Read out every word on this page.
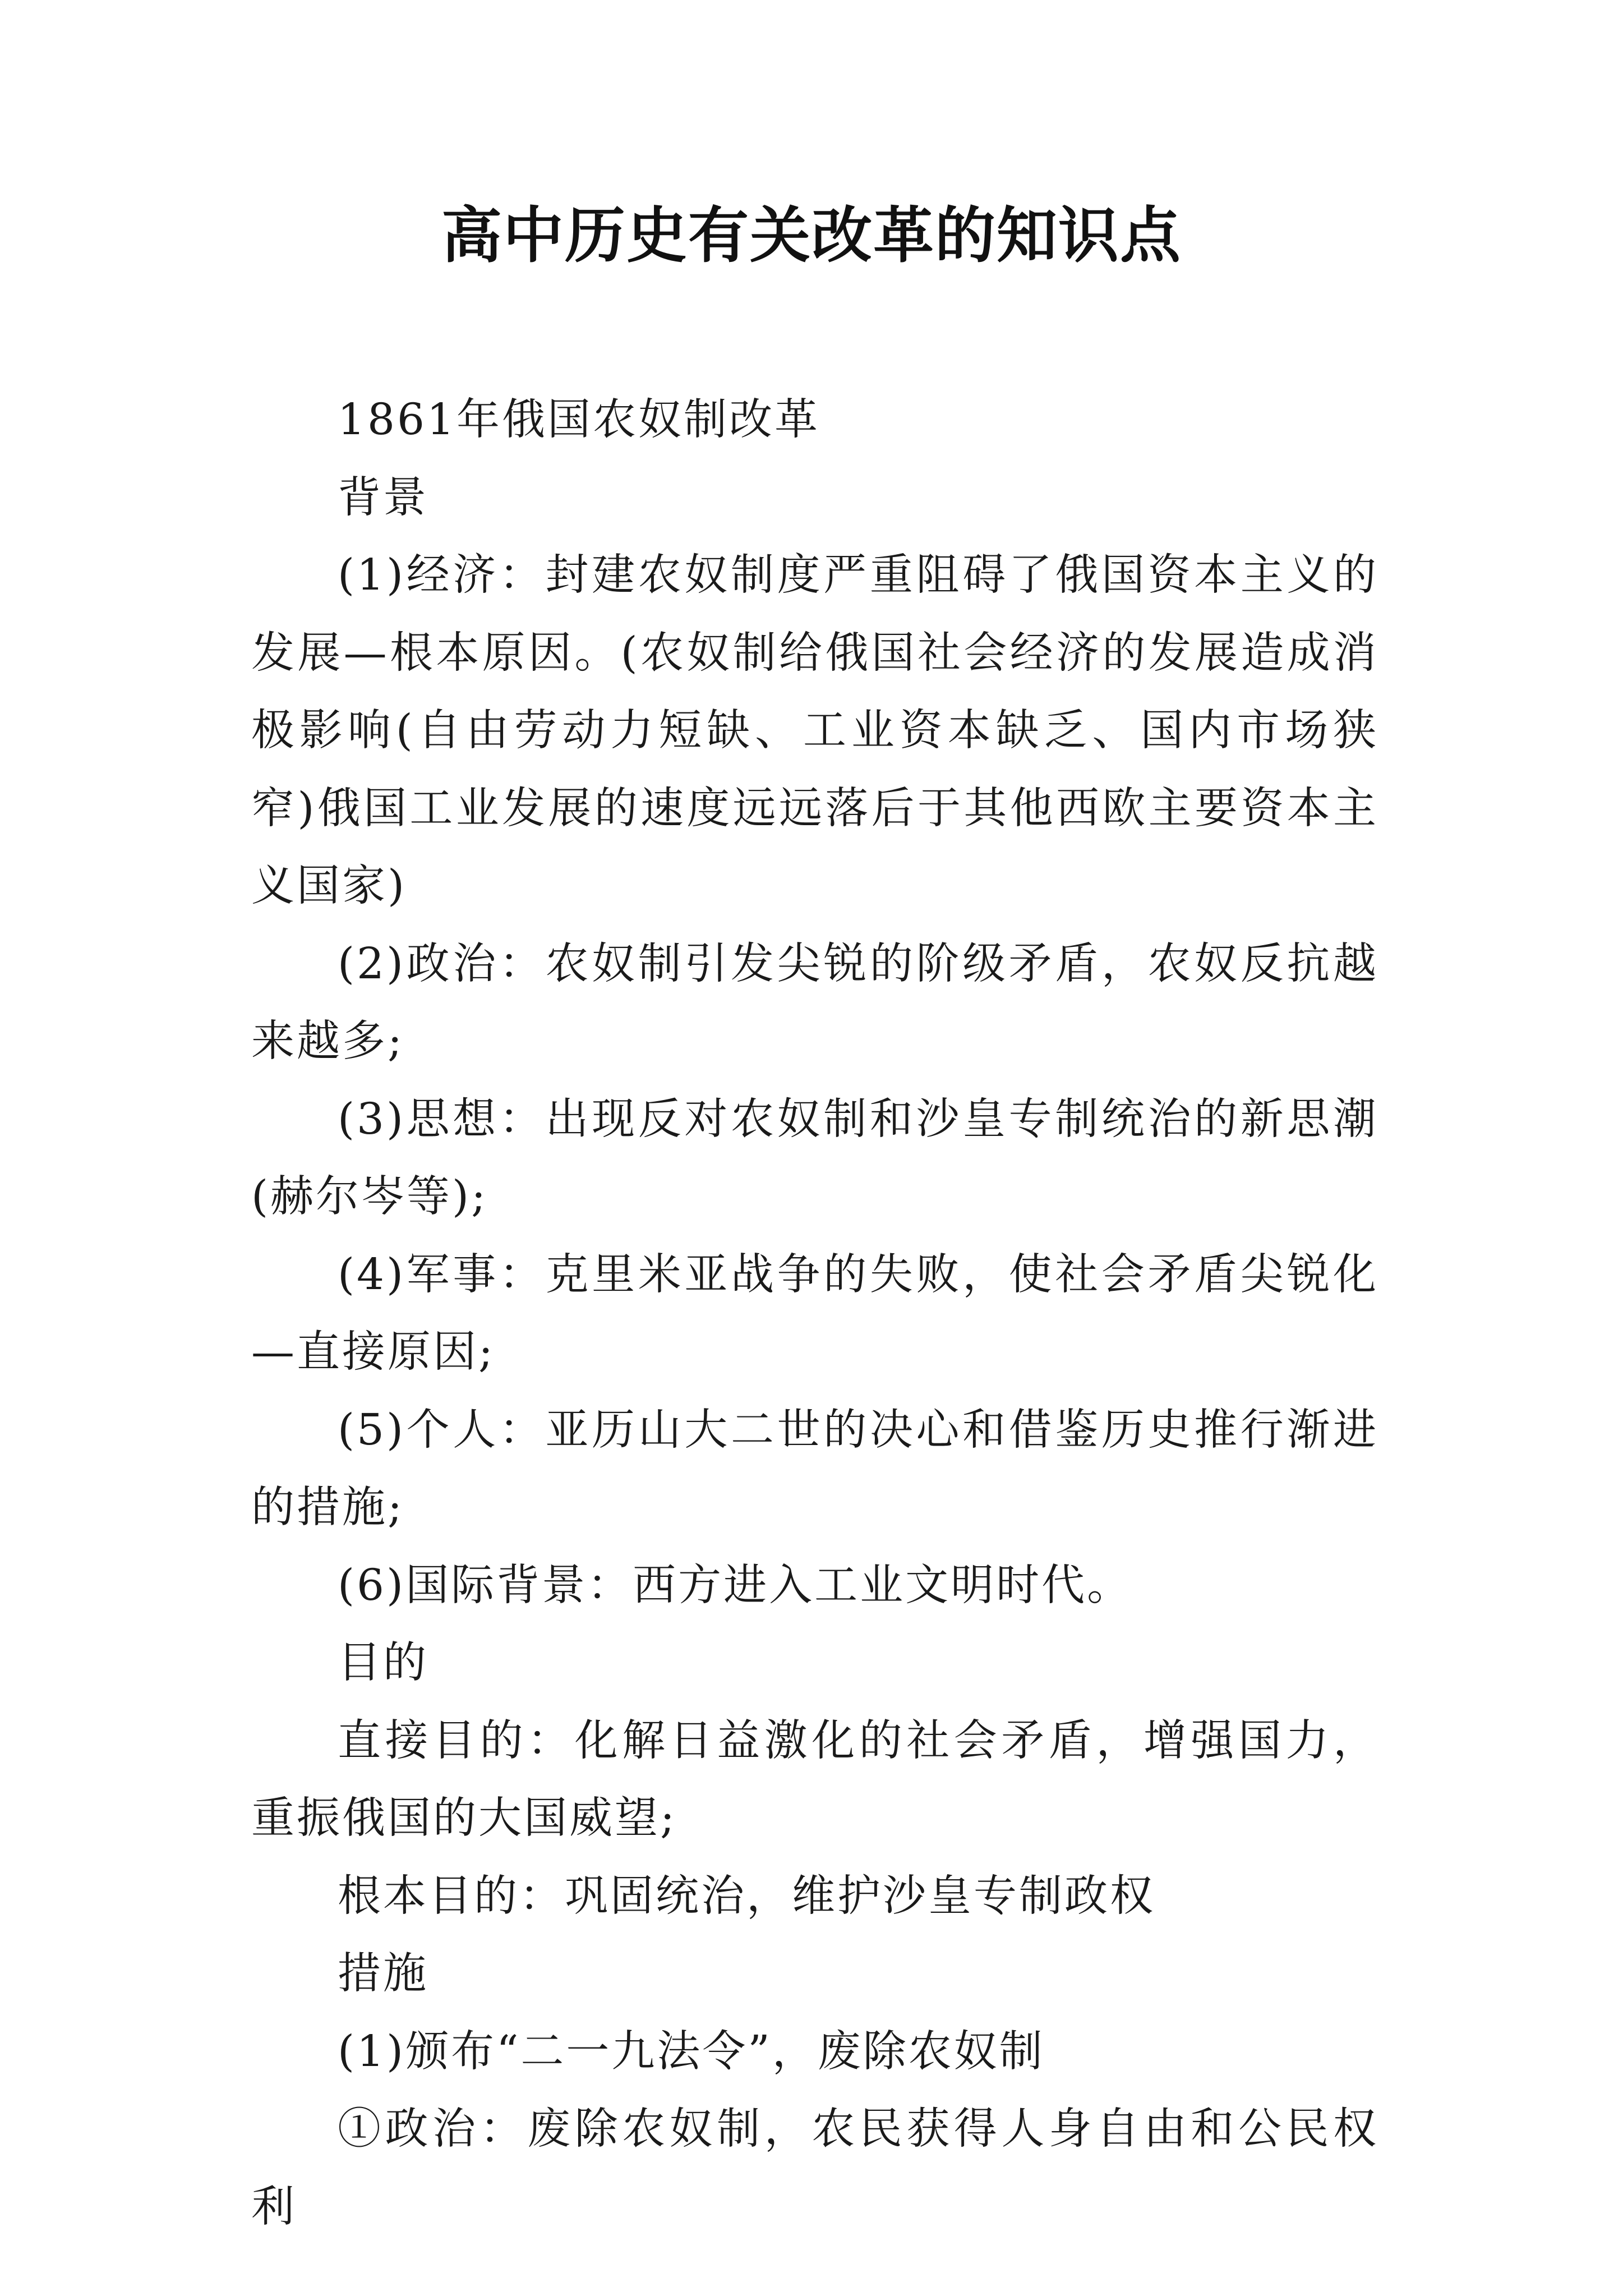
高中历史有关改革的知识点

1861年俄国农奴制改革

背景

(1)经济：封建农奴制度严重阻碍了俄国资本主义的发展—根本原因。(农奴制给俄国社会经济的发展造成消极影响(自由劳动力短缺、工业资本缺乏、国内市场狭窄)俄国工业发展的速度远远落后于其他西欧主要资本主义国家)

(2)政治：农奴制引发尖锐的阶级矛盾，农奴反抗越来越多;

(3)思想：出现反对农奴制和沙皇专制统治的新思潮(赫尔岑等);

(4)军事：克里米亚战争的失败，使社会矛盾尖锐化—直接原因;

(5)个人：亚历山大二世的决心和借鉴历史推行渐进的措施;

(6)国际背景：西方进入工业文明时代。

目的

直接目的：化解日益激化的社会矛盾，增强国力，重振俄国的大国威望;

根本目的：巩固统治，维护沙皇专制政权

措施

(1)颁布“二一九法令”，废除农奴制

①政治：废除农奴制，农民获得人身自由和公民权利
